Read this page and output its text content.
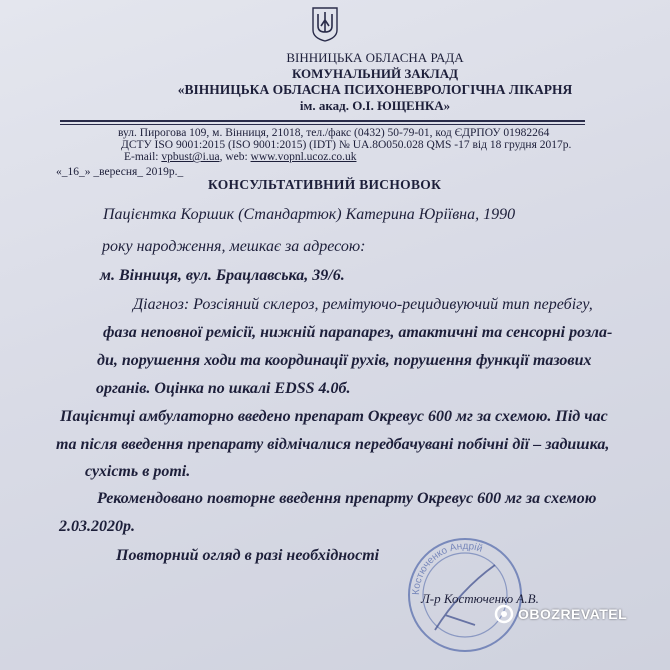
ВІННИЦЬКА ОБЛАСНА РАДА
КОМУНАЛЬНИЙ ЗАКЛАД
«ВІННИЦЬКА ОБЛАСНА ПСИХОНЕВРОЛОГІЧНА ЛІКАРНЯ
ім. акад. О.І. ЮЩЕНКА»
вул. Пирогова 109, м. Вінниця, 21018, тел./факс (0432) 50-79-01, код ЄДРПОУ 01982264
ДСТУ ISO 9001:2015 (ISO 9001:2015) (IDT) № UA.8O050.028 QMS -17 від 18 грудня 2017р.
E-mail: vpbust@i.ua, web: www.vopnl.ucoz.co.uk
«_16_» _вересня_ 2019р._
КОНСУЛЬТАТИВНИЙ ВИСНОВОК
Пацієнтка Коршик (Стандартюк) Катерина Юріївна, 1990
року народження, мешкає за адресою:
м. Вінниця, вул. Брацлавська, 39/6.
Діагноз: Розсіяний склероз, ремітуючо-рецидивуючий тип перебігу,
фаза неповної ремісії, нижній парапарез, атактичні та сенсорні розла-
ди, порушення ходи та координації рухів, порушення функції тазових
органів. Оцінка по шкалі EDSS 4.0б.
Пацієнтці амбулаторно введено препарат Окревус 600 мг за схемою. Під час
та після введення препарату відмічалися передбачувані побічні дії – задишка,
сухість в роті.
Рекомендовано повторне введення препарту Окревус 600 мг за схемою
2.03.2020р.
Повторний огляд в разі необхідності
Костюченко Андрій
Л-р Костюченко А.В.
OBOZREVATEL
